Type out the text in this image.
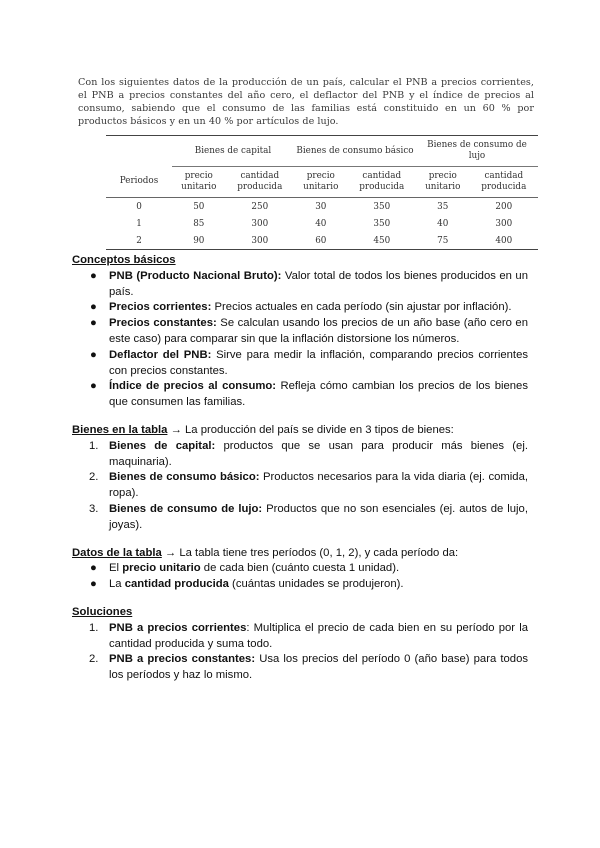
Con los siguientes datos de la producción de un país, calcular el PNB a precios corrientes, el PNB a precios constantes del año cero, el deflactor del PNB y el índice de precios al consumo, sabiendo que el consumo de las familias está constituido en un 60 % por productos básicos y en un 40 % por artículos de lujo.

	Bienes de capital		Bienes de consumo básico		Bienes de consumo de lujo	
Periodos	precio unitario	cantidad producida	precio unitario	cantidad producida	precio unitario	cantidad producida
0	50	250	30	350	35	200
1	85	300	40	350	40	300
2	90	300	60	450	75	400
Conceptos básicos
● PNB (Producto Nacional Bruto): Valor total de todos los bienes producidos en un país.
● Precios corrientes: Precios actuales en cada período (sin ajustar por inflación).
● Precios constantes: Se calculan usando los precios de un año base (año cero en este caso) para comparar sin que la inflación distorsione los números.
● Deflactor del PNB: Sirve para medir la inflación, comparando precios corrientes con precios constantes.
● Índice de precios al consumo: Refleja cómo cambian los precios de los bienes que consumen las familias.
Bienes en la tabla → La producción del país se divide en 3 tipos de bienes:
1. Bienes de capital: productos que se usan para producir más bienes (ej. maquinaria).
2. Bienes de consumo básico: Productos necesarios para la vida diaria (ej. comida, ropa).
3. Bienes de consumo de lujo: Productos que no son esenciales (ej. autos de lujo, joyas).
Datos de la tabla → La tabla tiene tres períodos (0, 1, 2), y cada período da:
● El precio unitario de cada bien (cuánto cuesta 1 unidad).
● La cantidad producida (cuántas unidades se produjeron).
Soluciones
1. PNB a precios corrientes: Multiplica el precio de cada bien en su período por la cantidad producida y suma todo.
2. PNB a precios constantes: Usa los precios del período 0 (año base) para todos los períodos y haz lo mismo.
